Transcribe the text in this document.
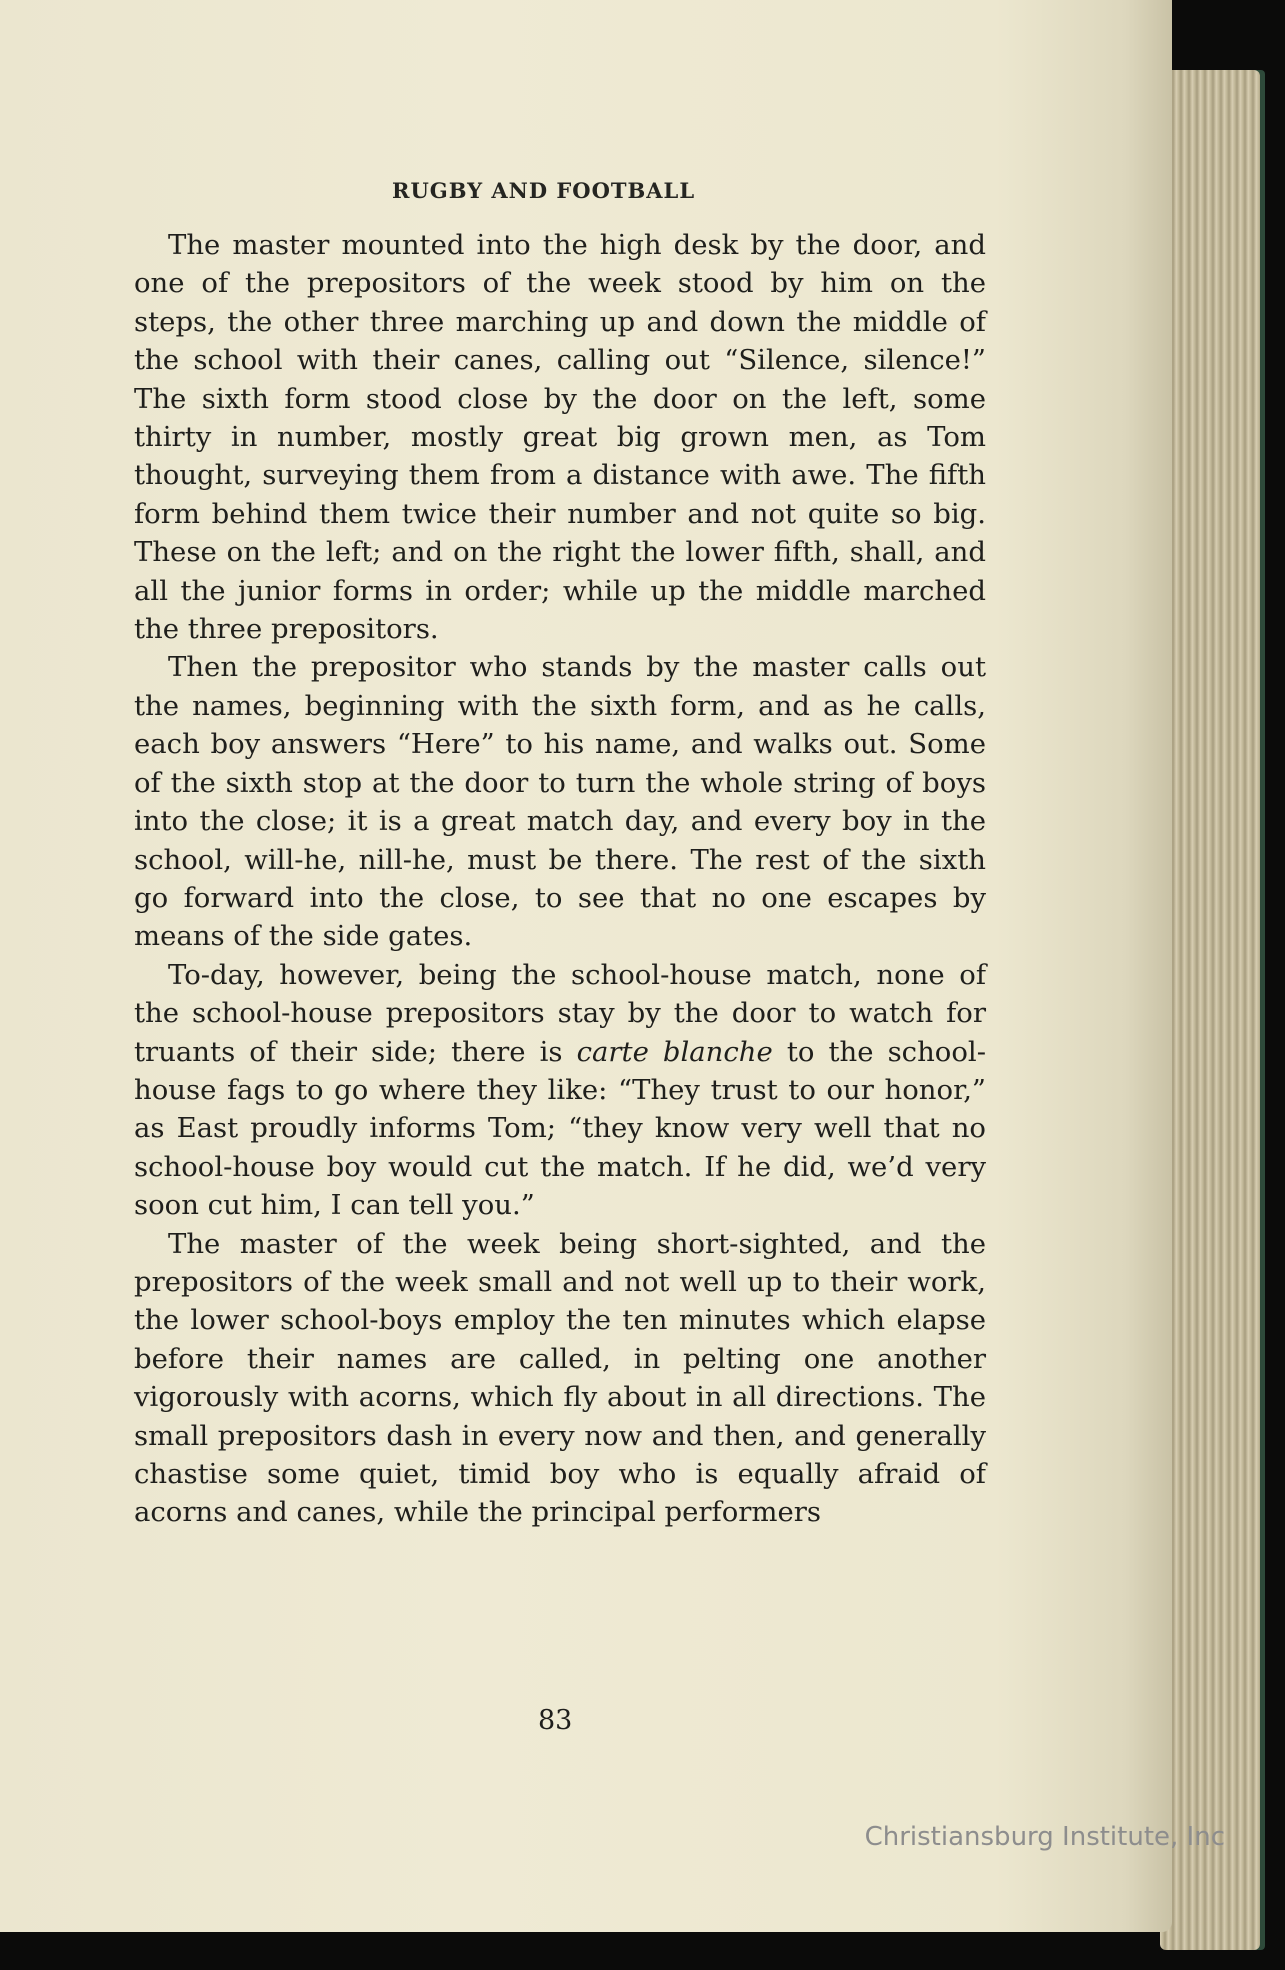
RUGBY AND FOOTBALL

The master mounted into the high desk by the door, and one of the prepositors of the week stood by him on the steps, the other three marching up and down the middle of the school with their canes, calling out “Silence, silence!” The sixth form stood close by the door on the left, some thirty in number, mostly great big grown men, as Tom thought, surveying them from a distance with awe. The fifth form behind them twice their number and not quite so big. These on the left; and on the right the lower fifth, shall, and all the junior forms in order; while up the middle marched the three prepositors.

Then the prepositor who stands by the master calls out the names, beginning with the sixth form, and as he calls, each boy answers “Here” to his name, and walks out. Some of the sixth stop at the door to turn the whole string of boys into the close; it is a great match day, and every boy in the school, will-he, nill-he, must be there. The rest of the sixth go forward into the close, to see that no one escapes by means of the side gates.

To-day, however, being the school-house match, none of the school-house prepositors stay by the door to watch for truants of their side; there is carte blanche to the school-house fags to go where they like: “They trust to our honor,” as East proudly informs Tom; “they know very well that no school-house boy would cut the match. If he did, we’d very soon cut him, I can tell you.”

The master of the week being short-sighted, and the prepositors of the week small and not well up to their work, the lower school-boys employ the ten minutes which elapse before their names are called, in pelting one another vigorously with acorns, which fly about in all directions. The small prepositors dash in every now and then, and generally chastise some quiet, timid boy who is equally afraid of acorns and canes, while the principal performers

83
Christiansburg Institute, Inc
